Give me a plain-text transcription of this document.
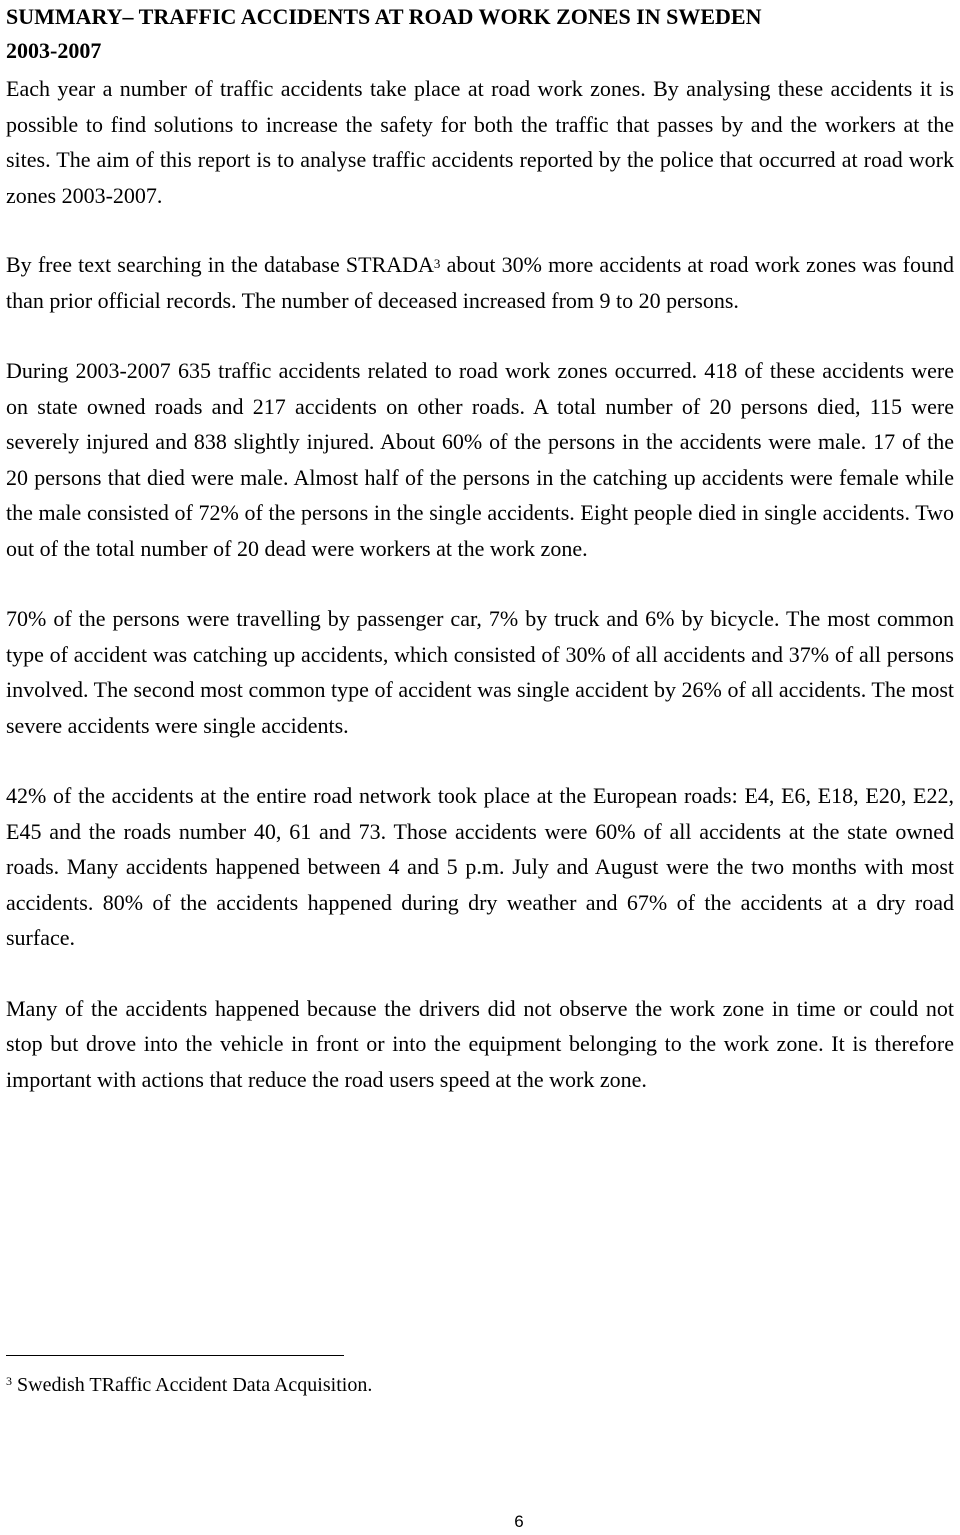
SUMMARY– TRAFFIC ACCIDENTS AT ROAD WORK ZONES IN SWEDEN
2003-2007

Each year a number of traffic accidents take place at road work zones. By analysing these accidents it is possible to find solutions to increase the safety for both the traffic that passes by and the workers at the sites. The aim of this report is to analyse traffic accidents reported by the police that occurred at road work zones 2003-2007.

By free text searching in the database STRADA$^3$ about 30% more accidents at road work zones was found than prior official records. The number of deceased increased from 9 to 20 persons.

During 2003-2007 635 traffic accidents related to road work zones occurred. 418 of these accidents were on state owned roads and 217 accidents on other roads. A total number of 20 persons died, 115 were severely injured and 838 slightly injured. About 60% of the persons in the accidents were male. 17 of the 20 persons that died were male. Almost half of the persons in the catching up accidents were female while the male consisted of 72% of the persons in the single accidents. Eight people died in single accidents. Two out of the total number of 20 dead were workers at the work zone.

70% of the persons were travelling by passenger car, 7% by truck and 6% by bicycle. The most common type of accident was catching up accidents, which consisted of 30% of all accidents and 37% of all persons involved. The second most common type of accident was single accident by 26% of all accidents. The most severe accidents were single accidents.

42% of the accidents at the entire road network took place at the European roads: E4, E6, E18, E20, E22, E45 and the roads number 40, 61 and 73. Those accidents were 60% of all accidents at the state owned roads. Many accidents happened between 4 and 5 p.m. July and August were the two months with most accidents. 80% of the accidents happened during dry weather and 67% of the accidents at a dry road surface.

Many of the accidents happened because the drivers did not observe the work zone in time or could not stop but drove into the vehicle in front or into the equipment belonging to the work zone. It is therefore important with actions that reduce the road users speed at the work zone.

$^3$ Swedish TRaffic Accident Data Acquisition.
6
